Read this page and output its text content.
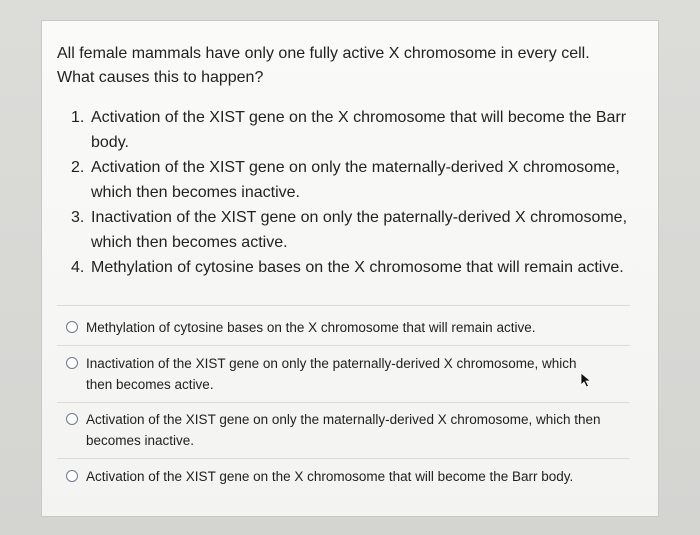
All female mammals have only one fully active X chromosome in every cell.
What causes this to happen?
1. Activation of the XIST gene on the X chromosome that will become the Barr
body.
2. Activation of the XIST gene on only the maternally-derived X chromosome,
which then becomes inactive.
3. Inactivation of the XIST gene on only the paternally-derived X chromosome,
which then becomes active.
4. Methylation of cytosine bases on the X chromosome that will remain active.
Methylation of cytosine bases on the X chromosome that will remain active.
Inactivation of the XIST gene on only the paternally-derived X chromosome, which
then becomes active.
Activation of the XIST gene on only the maternally-derived X chromosome, which then
becomes inactive.
Activation of the XIST gene on the X chromosome that will become the Barr body.
